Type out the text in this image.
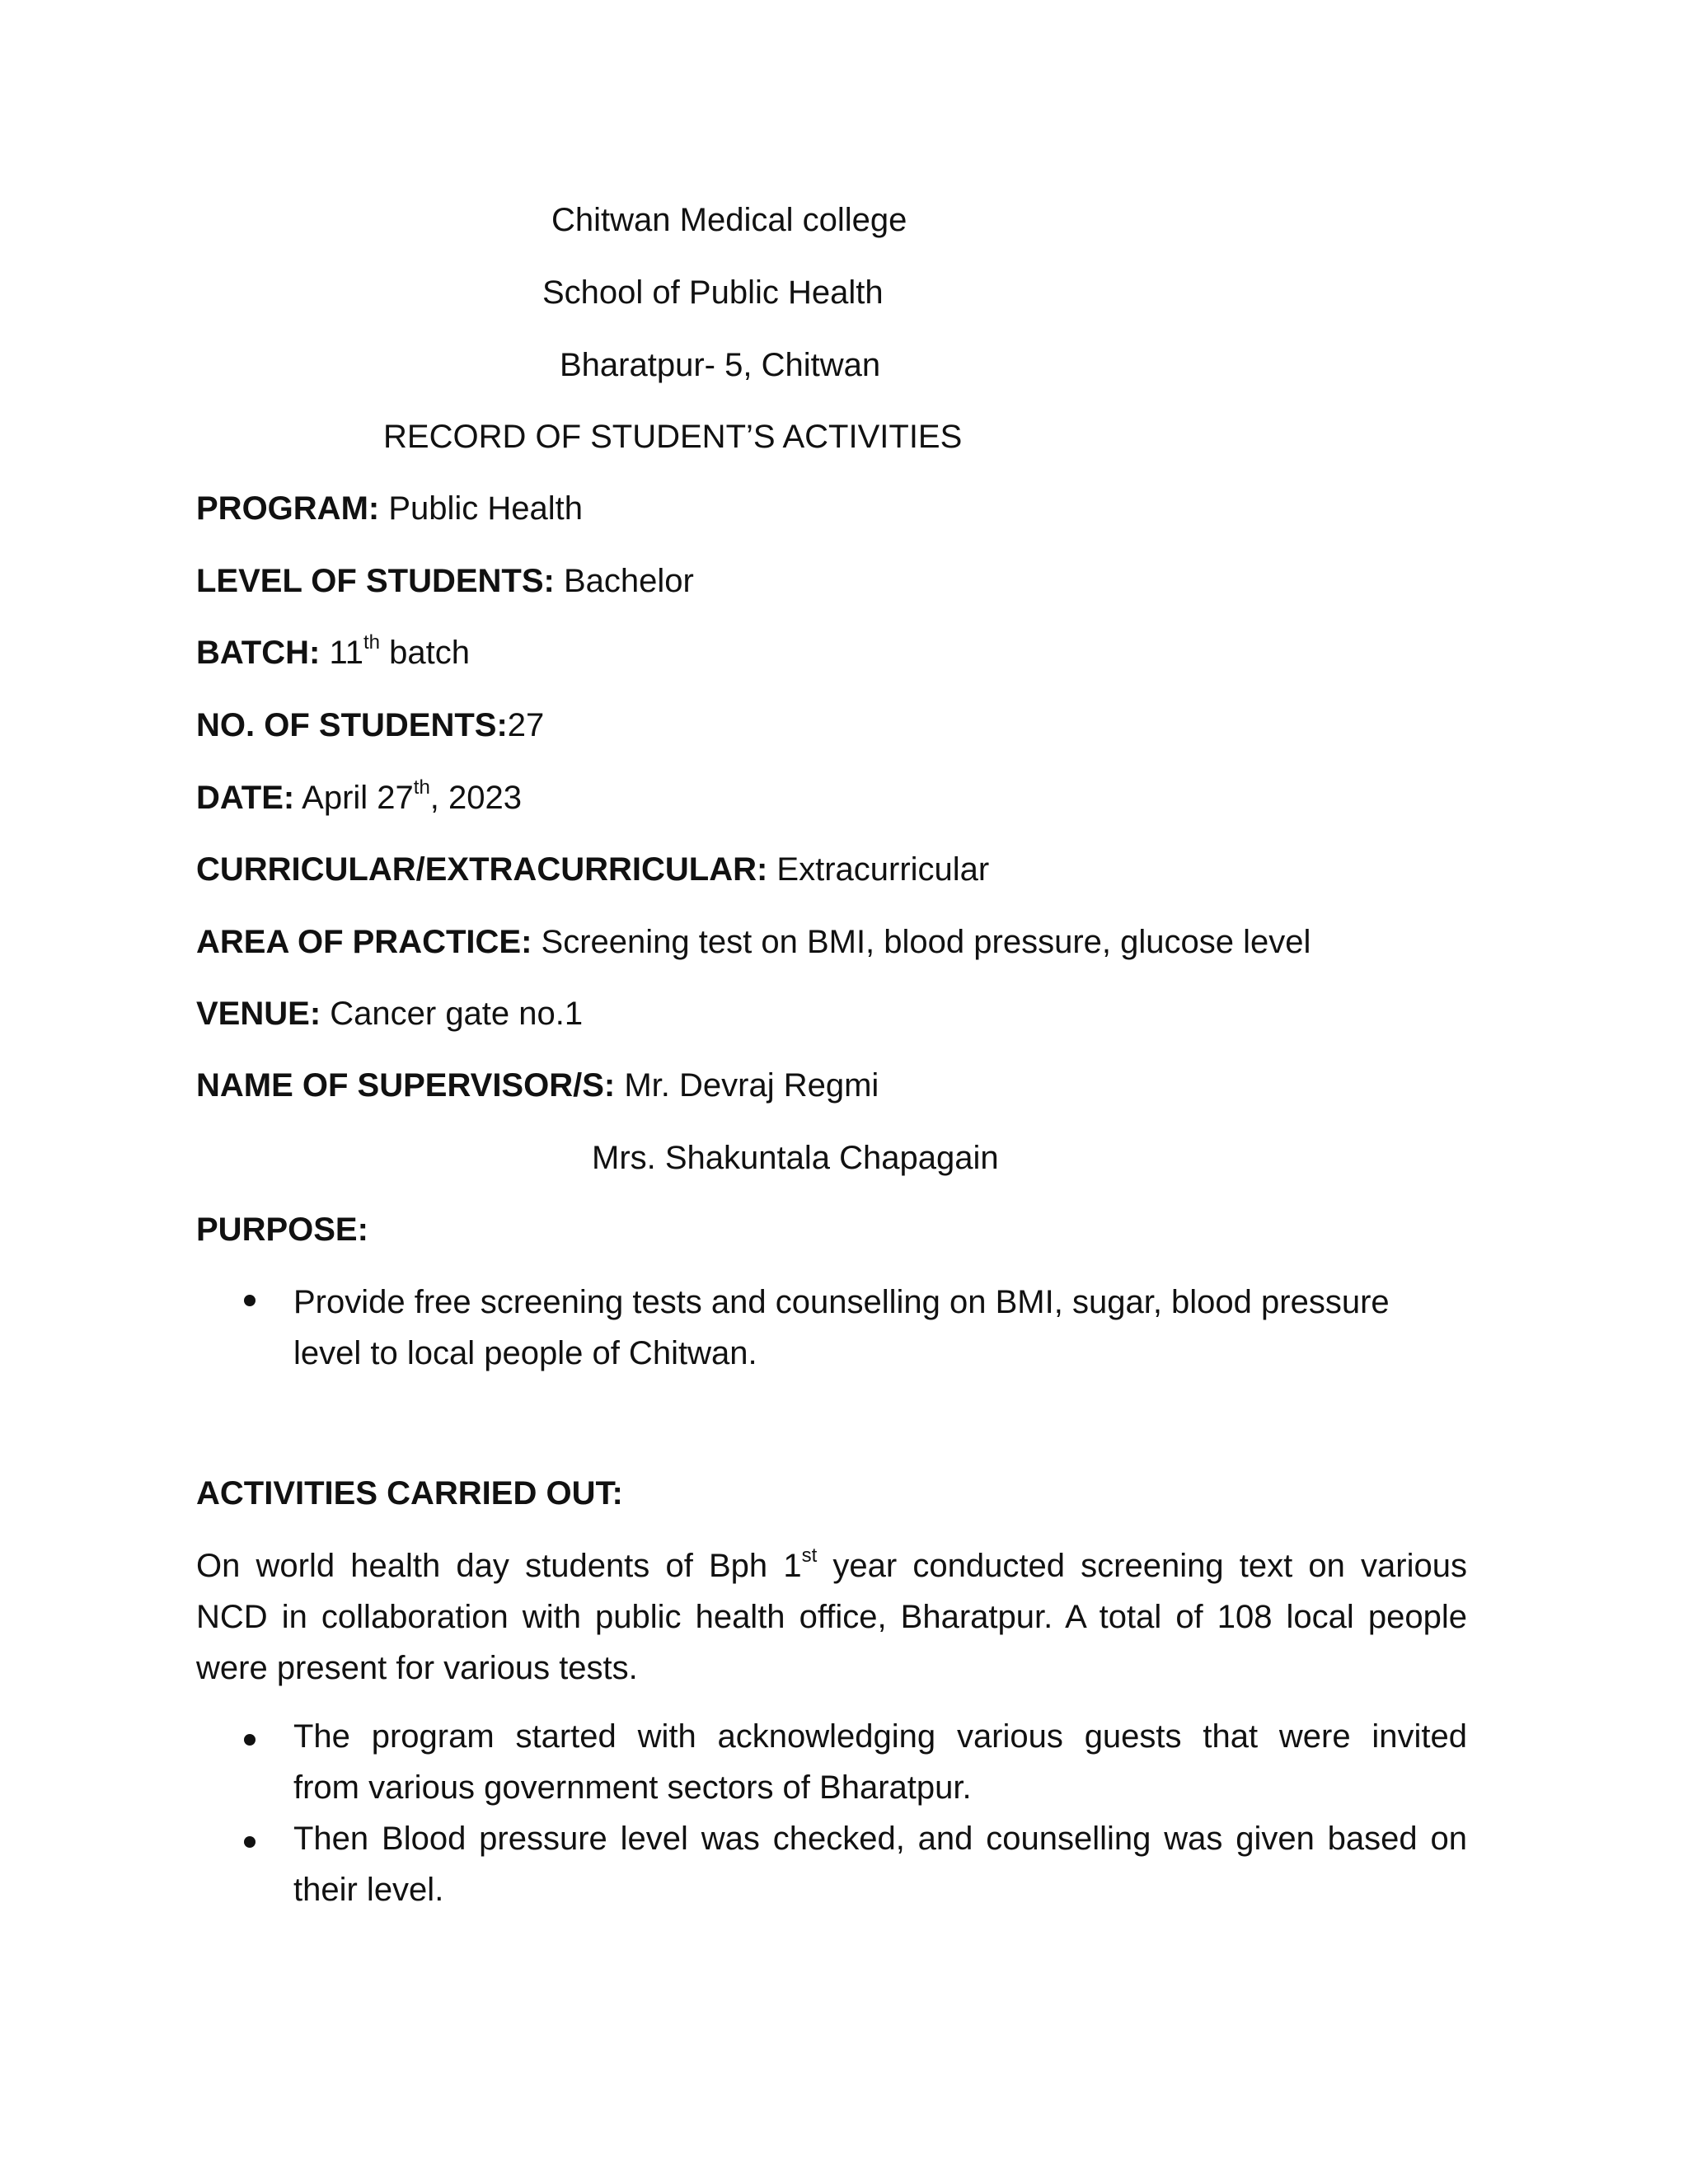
Chitwan Medical college
School of Public Health
Bharatpur- 5, Chitwan
RECORD OF STUDENT’S ACTIVITIES
PROGRAM: Public Health
LEVEL OF STUDENTS: Bachelor
BATCH: 11th batch
NO. OF STUDENTS:27
DATE: April 27th, 2023
CURRICULAR/EXTRACURRICULAR: Extracurricular
AREA OF PRACTICE: Screening test on BMI, blood pressure, glucose level
VENUE: Cancer gate no.1
NAME OF SUPERVISOR/S: Mr. Devraj Regmi
Mrs. Shakuntala Chapagain
PURPOSE:
Provide free screening tests and counselling on BMI, sugar, blood pressure
level to local people of Chitwan.
ACTIVITIES CARRIED OUT:
On world health day students of Bph 1st year conducted screening text on various
NCD in collaboration with public health office, Bharatpur. A total of 108 local people
were present for various tests.
The program started with acknowledging various guests that were invited
from various government sectors of Bharatpur.
Then Blood pressure level was checked, and counselling was given based on
their level.
